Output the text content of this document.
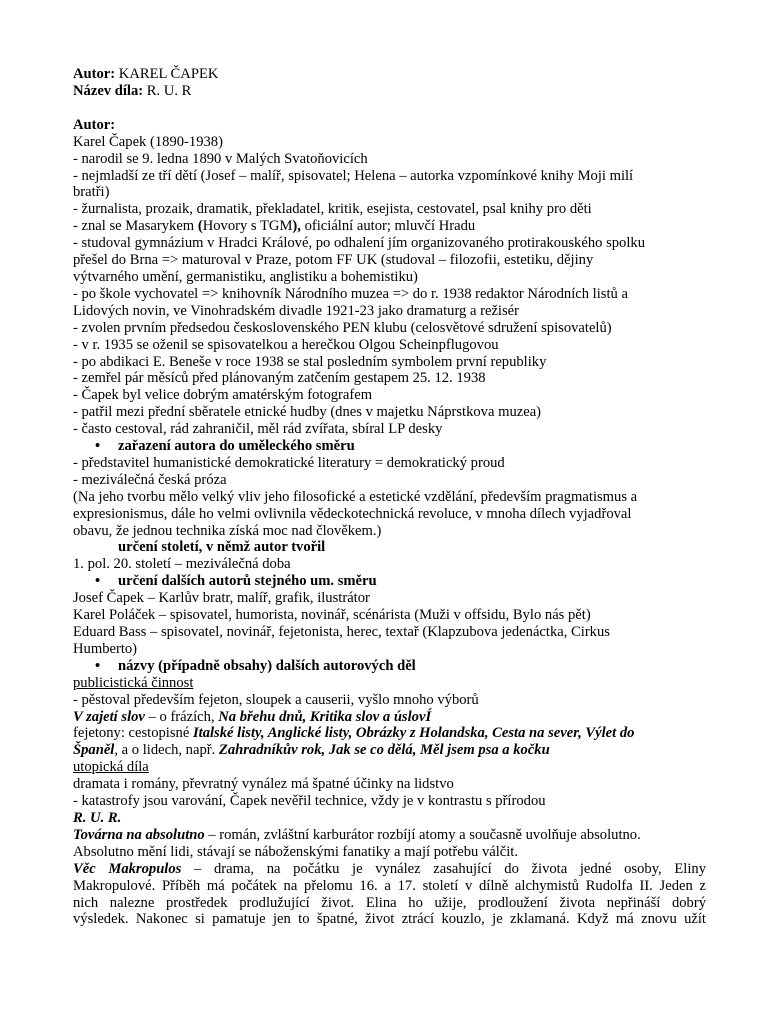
Autor: KAREL ČAPEK

Název díla: R. U. R

Autor:

Karel Čapek (1890-1938)

- narodil se 9. ledna 1890 v Malých Svatoňovicích

- nejmladší ze tří dětí (Josef – malíř, spisovatel; Helena – autorka vzpomínkové knihy Moji milí

bratři)

- žurnalista, prozaik, dramatik, překladatel, kritik, esejista, cestovatel, psal knihy pro děti

- znal se Masarykem (Hovory s TGM), oficiální autor; mluvčí Hradu

- studoval gymnázium v Hradci Králové, po odhalení jím organizovaného protirakouského spolku

přešel do Brna => maturoval v Praze, potom FF UK (studoval – filozofii, estetiku, dějiny

výtvarného umění, germanistiku, anglistiku a bohemistiku)

- po škole vychovatel => knihovník Národního muzea => do r. 1938 redaktor Národních listů a

Lidových novin, ve Vinohradském divadle 1921-23 jako dramaturg a režisér

- zvolen prvním předsedou československého PEN klubu (celosvětové sdružení spisovatelů)

- v r. 1935 se oženil se spisovatelkou a herečkou Olgou Scheinpflugovou

- po abdikaci E. Beneše v roce 1938 se stal posledním symbolem první republiky

- zemřel pár měsíců před plánovaným zatčením gestapem 25. 12. 1938

- Čapek byl velice dobrým amatérským fotografem

- patřil mezi přední sběratele etnické hudby (dnes v majetku Náprstkova muzea)

- často cestoval, rád zahraničil, měl rád zvířata, sbíral LP desky

• zařazení autora do uměleckého směru

- představitel humanistické demokratické literatury = demokratický proud

- meziválečná česká próza

(Na jeho tvorbu mělo velký vliv jeho filosofické a estetické vzdělání, především pragmatismus a

expresionismus, dále ho velmi ovlivnila vědeckotechnická revoluce, v mnoha dílech vyjadřoval

obavu, že jednou technika získá moc nad člověkem.)

určení století, v němž autor tvořil

1. pol. 20. století – meziválečná doba

• určení dalších autorů stejného um. směru

Josef Čapek – Karlův bratr, malíř, grafik, ilustrátor

Karel Poláček – spisovatel, humorista, novinář, scénárista (Muži v offsidu, Bylo nás pět)

Eduard Bass – spisovatel, novinář, fejetonista, herec, textař (Klapzubova jedenáctka, Cirkus

Humberto)

• názvy (případně obsahy) dalších autorových děl

publicistická činnost

- pěstoval především fejeton, sloupek a causerii, vyšlo mnoho výborů

V zajetí slov – o frázích, Na břehu dnů, Kritika slov a úslovÍ

fejetony: cestopisné Italské listy, Anglické listy, Obrázky z Holandska, Cesta na sever, Výlet do

Španěl, a o lidech, např. Zahradníkův rok, Jak se co dělá, Měl jsem psa a kočku

utopická díla

dramata i romány, převratný vynález má špatné účinky na lidstvo

- katastrofy jsou varování, Čapek nevěřil technice, vždy je v kontrastu s přírodou

R. U. R.

Továrna na absolutno – román, zvláštní karburátor rozbíjí atomy a současně uvolňuje absolutno.

Absolutno mění lidi, stávají se náboženskými fanatiky a mají potřebu válčit.

Věc Makropulos – drama, na počátku je vynález zasahující do života jedné osoby, Eliny

Makropulové. Příběh má počátek na přelomu 16. a 17. století v dílně alchymistů Rudolfa II. Jeden z

nich nalezne prostředek prodlužující život. Elina ho užije, prodloužení života nepřináší dobrý

výsledek. Nakonec si pamatuje jen to špatné, život ztrácí kouzlo, je zklamaná. Když má znovu užít
